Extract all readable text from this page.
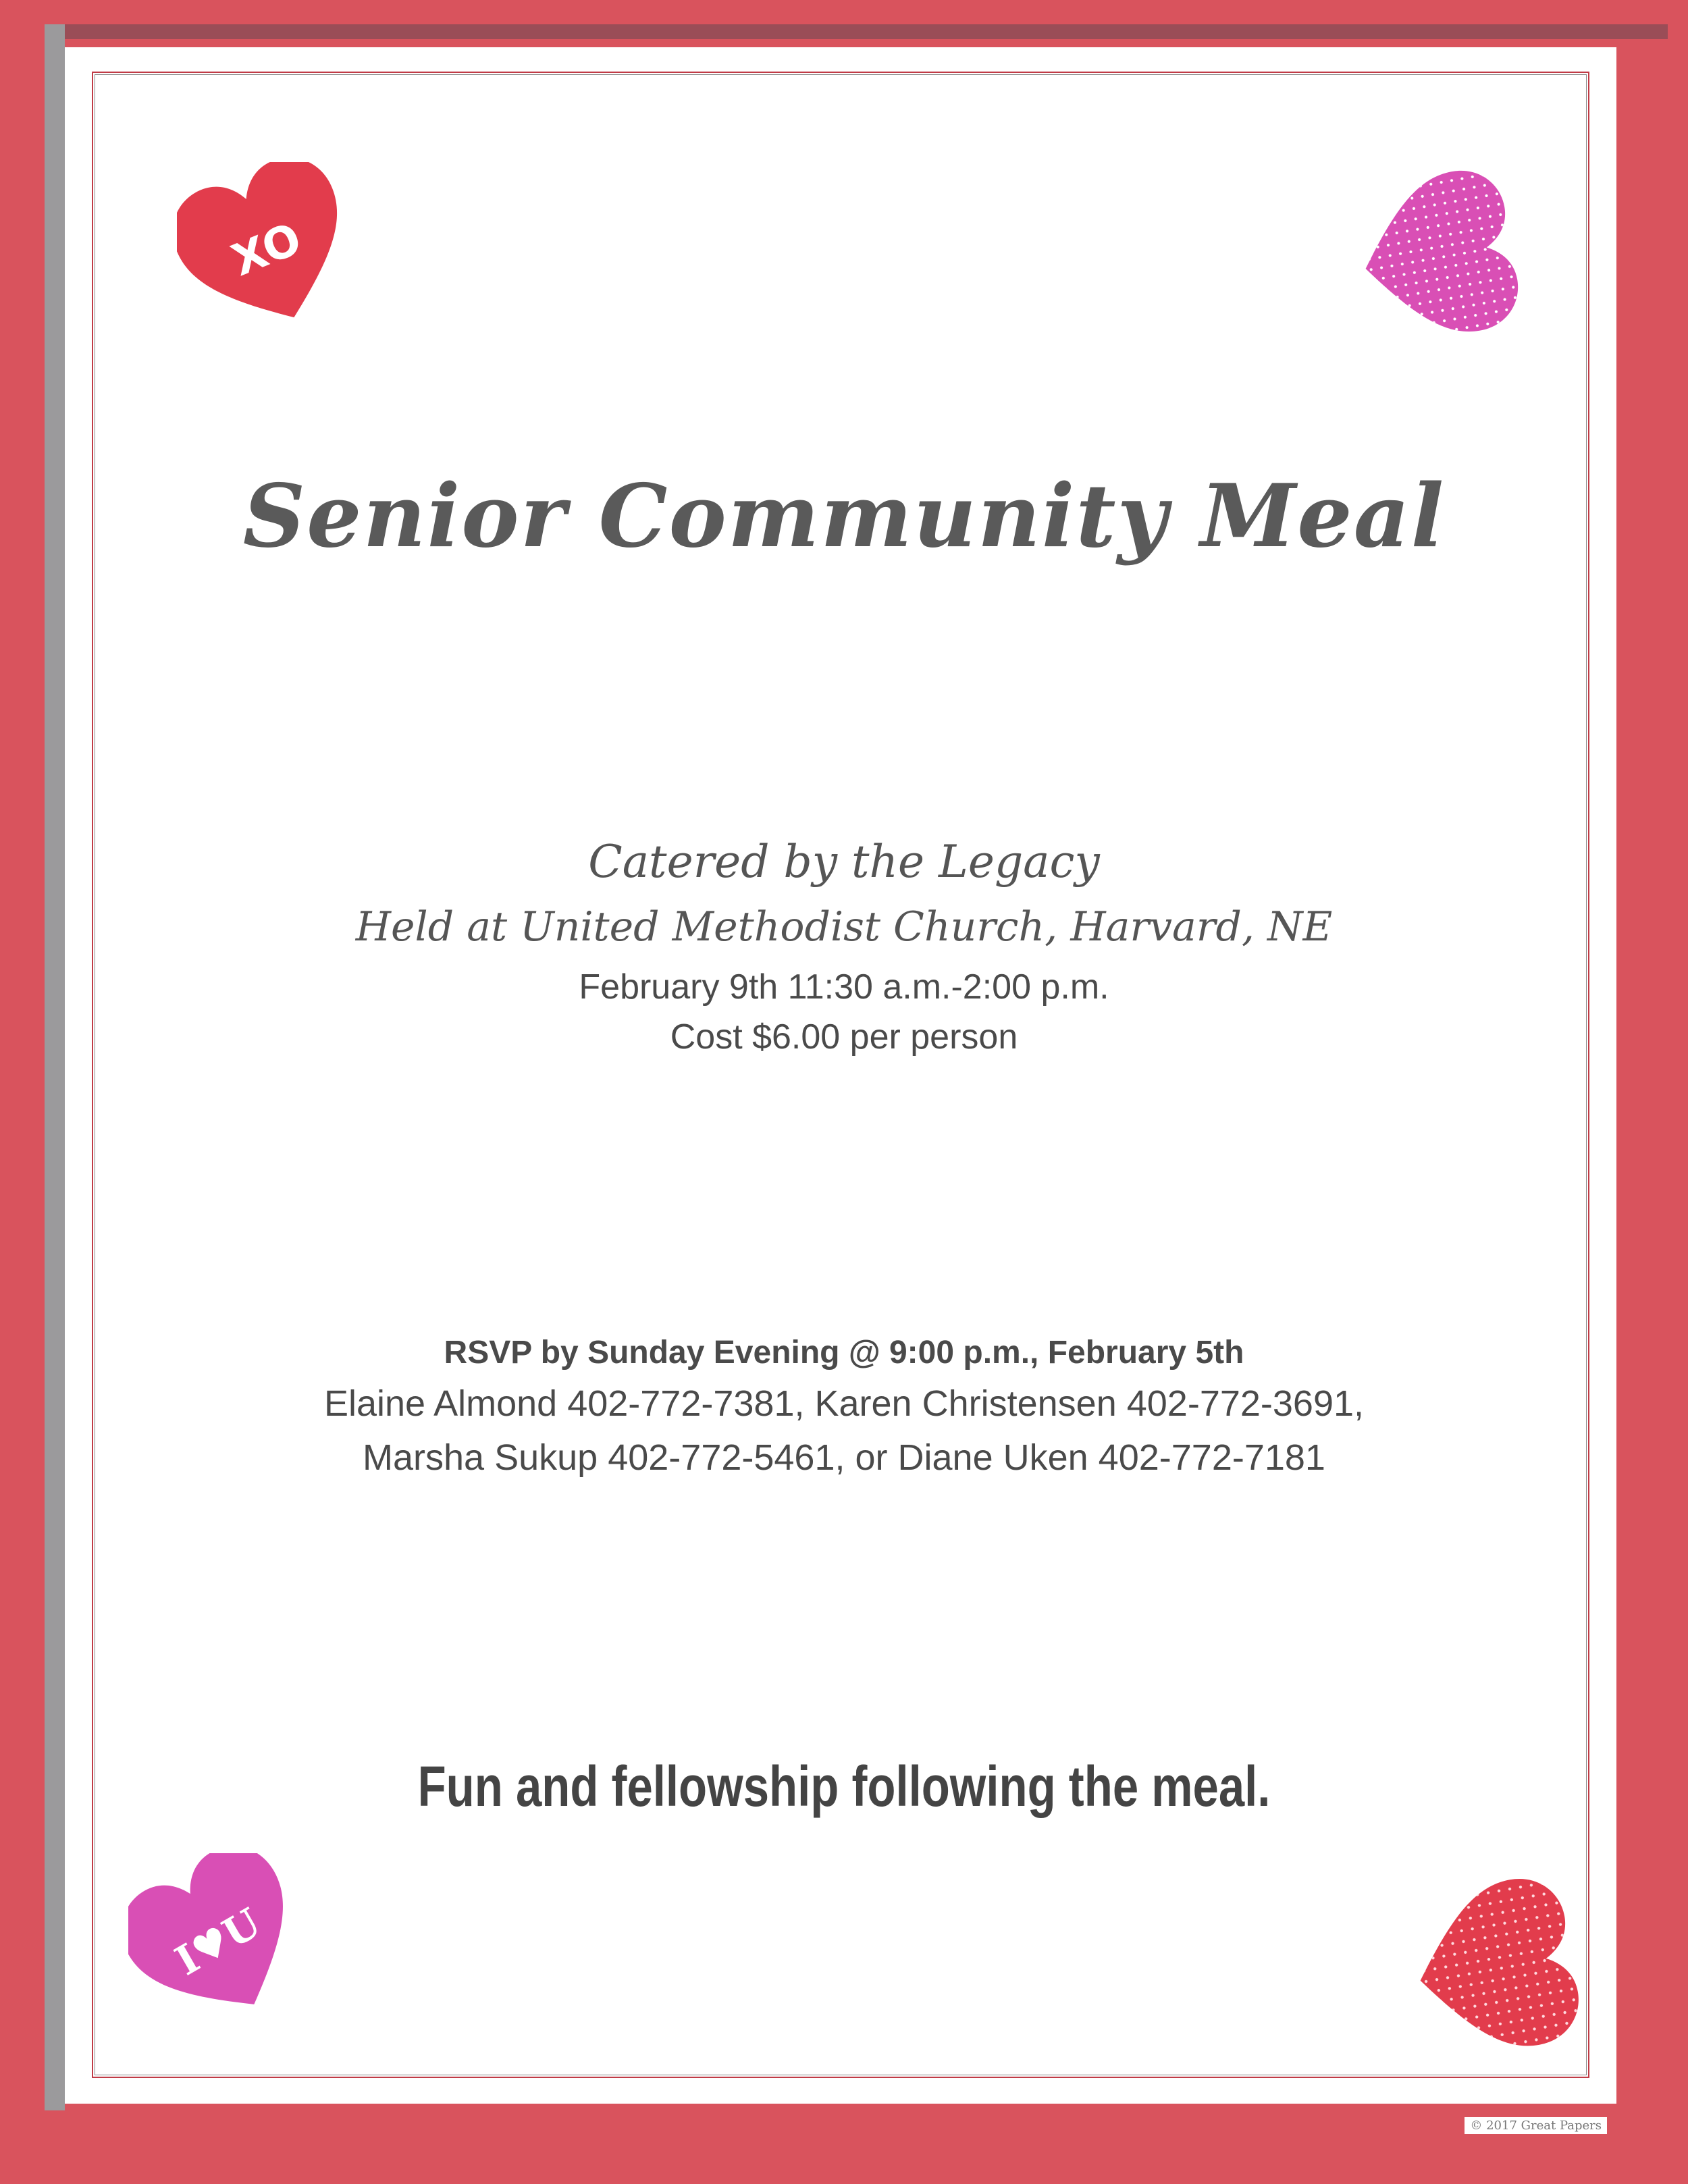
XO
I♥U
Senior Community Meal
Catered by the Legacy
Held at United Methodist Church, Harvard, NE
February 9th 11:30 a.m.-2:00 p.m.
Cost $6.00 per person
RSVP by Sunday Evening @ 9:00 p.m., February 5th
Elaine Almond 402-772-7381, Karen Christensen 402-772-3691,
Marsha Sukup 402-772-5461, or Diane Uken 402-772-7181
Fun and fellowship following the meal.
© 2017 Great Papers
